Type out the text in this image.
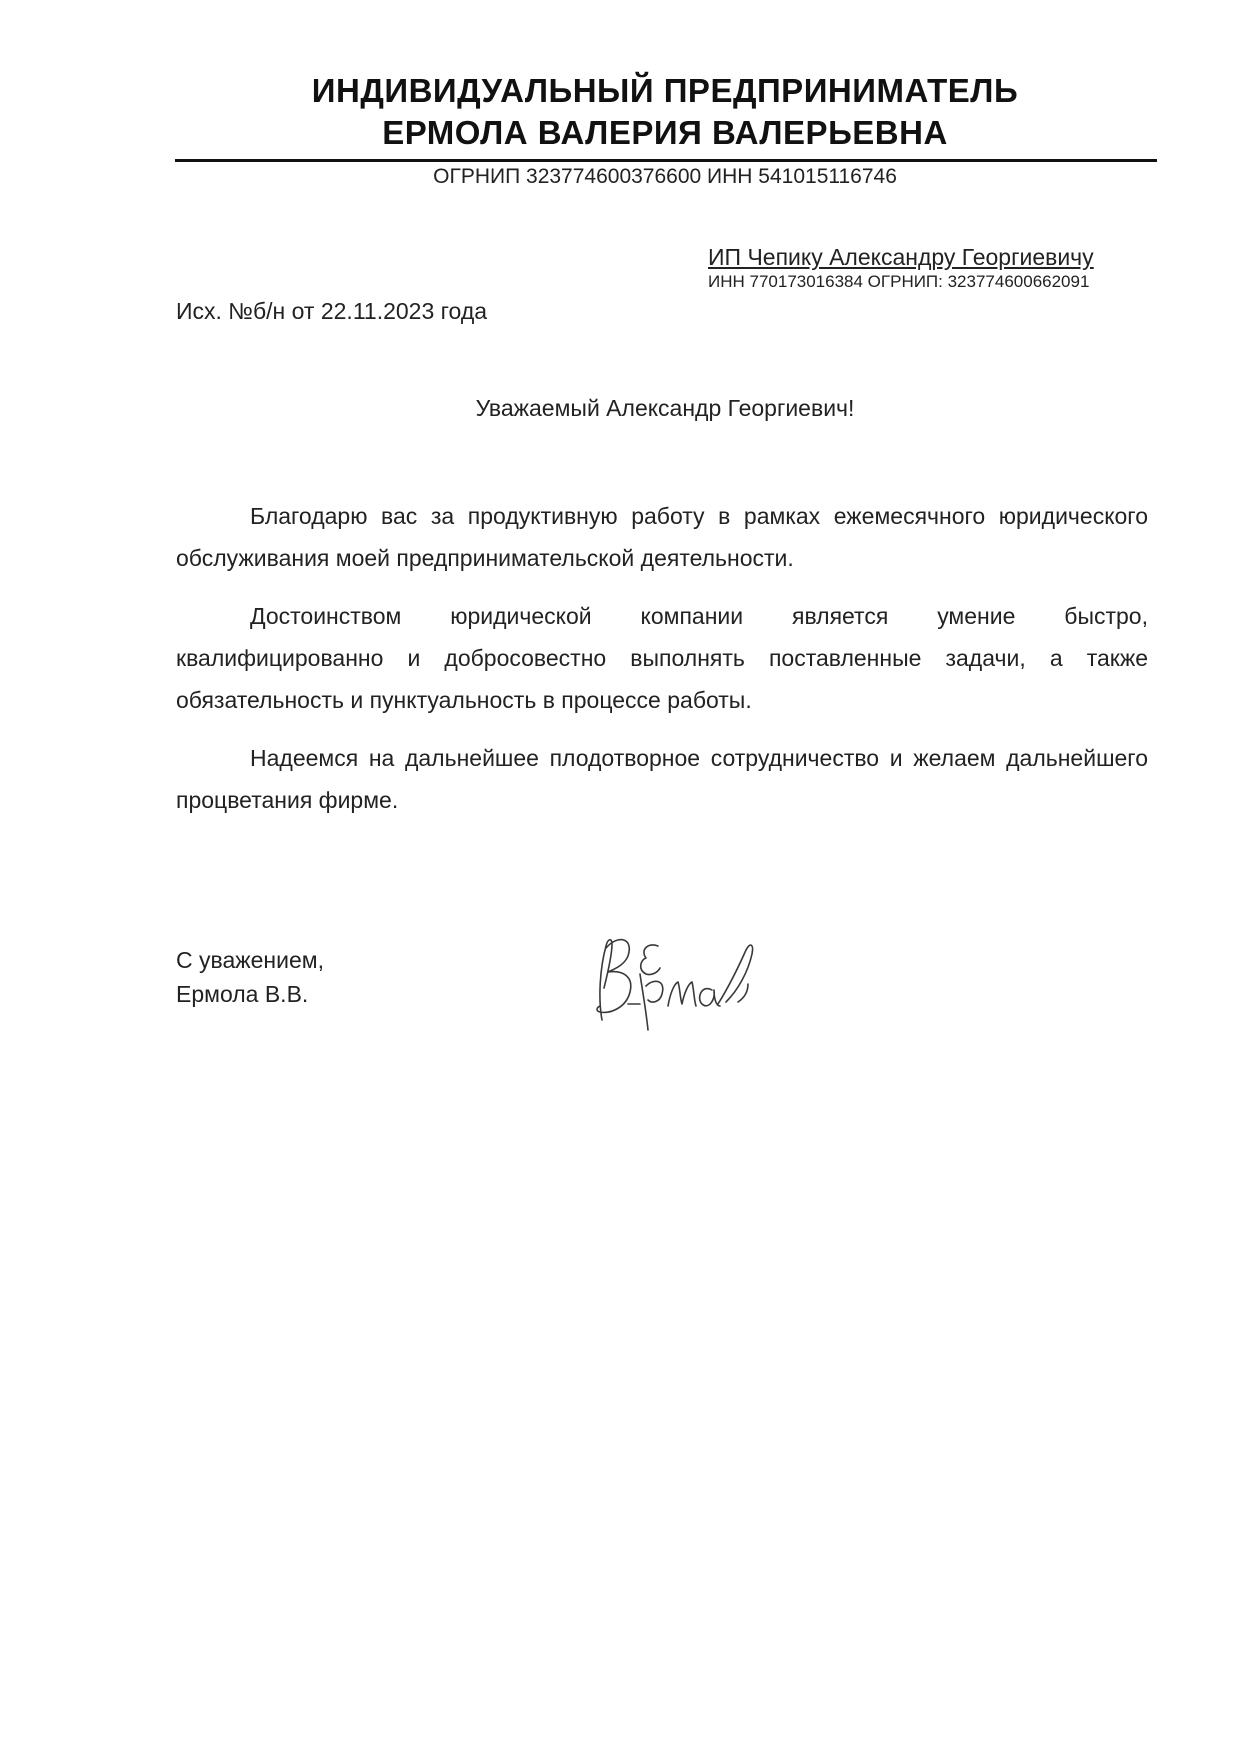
ИНДИВИДУАЛЬНЫЙ ПРЕДПРИНИМАТЕЛЬ
ЕРМОЛА ВАЛЕРИЯ ВАЛЕРЬЕВНА
ОГРНИП 323774600376600 ИНН 541015116746
ИП Чепику Александру Георгиевичу
ИНН 770173016384 ОГРНИП: 323774600662091
Исх. №б/н от 22.11.2023 года
Уважаемый Александр Георгиевич!

Благодарю вас за продуктивную работу в рамках ежемесячного юридического обслуживания моей предпринимательской деятельности.

Достоинством юридической компании является умение быстро, квалифицированно и добросовестно выполнять поставленные задачи, а также обязательность и пунктуальность в процессе работы.

Надеемся на дальнейшее плодотворное сотрудничество и желаем дальнейшего процветания фирме.

С уважением,
Ермола В.В.
